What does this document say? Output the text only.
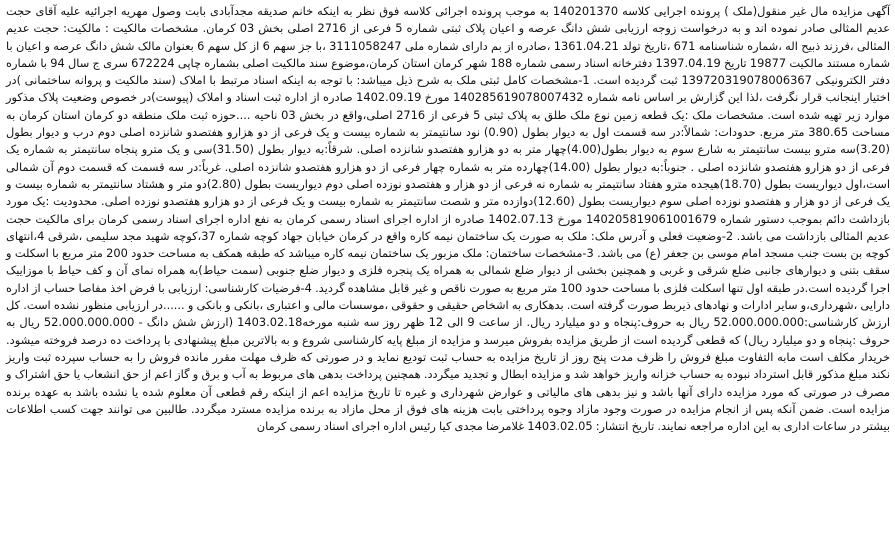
آگهی مزایده مال غیر منقول(ملک ) پرونده اجرایی کلاسه 140201370 به موجب پرونده اجرائی کلاسه فوق نظر به اینکه خانم صدیقه مجدآبادی بابت وصول مهریه اجرائیه علیه آقای حجت عدیم المثالی صادر نموده اند و به درخواست زوجه ارزیابی شش دانگ عرصه و اعیان پلاک ثبتی شماره 5 فرعی از 2716 اصلی بخش 03 کرمان. مشخصات مالکیت : مالکیت: حجت عدیم المثالی ،فرزند ذبیح اله ،شماره شناسنامه 671 ،تاریخ تولد 1361.04.21 ،صادره از بم دارای شماره ملی 3111058247 ،با جز سهم 6 از کل سهم 6 بعنوان مالک شش دانگ عرصه و اعیان با شماره مستند مالکیت 19877 تاریخ 1397.04.19 دفترخانه اسناد رسمی شماره 188 شهر کرمان استان کرمان،موضوع سند مالکیت اصلی بشماره چاپی 672224 سری ج سال 94 با شماره دفتر الکترونیکی 139720319078006367 ثبت گردیده است. 1-مشخصات کامل ثبتی ملک به شرح ذیل میباشد: با توجه به اینکه اسناد مرتبط با املاک (سند مالکیت و پروانه ساختمانی )در اختیار اینجانب قرار نگرفت ،لذا این گزارش بر اساس نامه شماره 140285619078007432 مورخ 1402.09.19 صادره از اداره ثبت اسناد و املاک (پیوست)در خصوص وضعیت پلاک مذکور موارد زیر تهیه شده است. مشخصات ملک :یک قطعه زمین نوع ملک طلق به پلاک ثبتی 5 فرعی از 2716 اصلی،واقع در بخش 03 ناحیه ....حوزه ثبت ملک منطقه دو کرمان استان کرمان به مساحت 380.65 متر مربع. حدودات: شمالاً:در سه قسمت اول به دیوار بطول (0.90) نود سانتیمتر به شماره بیست و یک فرعی از دو هزارو هفتصدو شانزده اصلی دوم درب و دیوار بطول (3.20)سه مترو بیست سانتیمتر به شارع سوم به دیوار بطول(4.00)چهار متر به دو هزارو هفتصدو شانزده اصلی. شرقاً:به دیوار بطول (31.50)سی و یک مترو پنجاه سانتیمتر به شماره یک فرعی از دو هزارو هفتصدو شانزده اصلی . جنوباً:به دیوار بطول (14.00)چهارده متر به شماره چهار فرعی از دو هزارو هفتصدو شانزده اصلی. غرباً:در سه قسمت که قسمت دوم آن شمالی است،اول دیواریست بطول (18.70)هیجده مترو هفتاد سانتیمتر به شماره نه فرعی از دو هزار و هفتصدو نوزده اصلی دوم دیواریست بطول (2.80)دو متر و هشتاد سانتیمتر به شماره بیست و یک فرعی از دو هزار و هفتصدو نوزده اصلی سوم دیواریست بطول (12.60)دوازده متر و شصت سانتیمتر به شماره بیست و یک فرعی از دو هزارو هفتصدو نوزده اصلی. محدودیت :یک مورد بازداشت دائم بموجب دستور شماره 140205819061001679 مورخ 1402.07.13 صادره از اداره اجرای اسناد رسمی کرمان به نفع اداره اجرای اسناد رسمی کرمان برای مالکیت حجت عدیم المثالی بازداشت می باشد. 2-وضعیت فعلی و آدرس ملک: ملک به صورت یک ساختمان نیمه کاره واقع در کرمان خیابان جهاد کوچه شماره 37،کوچه شهید مجد سلیمی ،شرقی 4،انتهای کوچه بن بست جنب مسجد امام موسی بن جعفر (ع) می باشد. 3-مشخصات ساختمان: ملک مزبور یک ساختمان نیمه کاره میباشد که طبقه همکف به مساحت حدود 200 متر مربع با اسکلت و سقف بتنی و دیوارهای جانبی ضلع شرقی و غربی و همچنین بخشی از دیوار ضلع شمالی به همراه یک پنجره فلزی و دیوار ضلع جنوبی (سمت حیاط)به همراه نمای آن و کف حیاط با موزاییک اجرا گردیده است.در طبقه اول تنها اسکلت فلزی با مساحت حدود 100 متر مربع به صورت ناقص و غیر قابل مشاهده گردید. 4-فرضیات کارشناسی: ارزیابی با فرض اخذ مفاصا حساب از اداره دارایی ،شهرداری،و سایر ادارات و نهادهای ذیربط صورت گرفته است. بدهکاری به اشخاص حقیقی و حقوقی ،موسسات مالی و اعتباری ،بانکی و بانکی و ......در ارزیابی منظور نشده است. کل ارزش کارشناسی:52.000.000.000 ریال به حروف:پنجاه و دو میلیارد ریال. از ساعت 9 الی 12 ظهر روز سه شنبه مورخه1403.02.18 (ارزش شش دانگ - 52.000.000.000 ریال به حروف :پنجاه و دو میلیارد ریال) که قطعی گردیده است از طریق مزایده بفروش میرسد و مزایده از مبلغ پایه کارشناسی شروع و به بالاترین مبلغ پیشنهادی با پرداخت ده درصد فروخته میشود. خریدار مکلف است مابه التفاوت مبلغ فروش را ظرف مدت پنج روز از تاریخ مزایده به حساب ثبت تودیع نماید و در صورتی که ظرف مهلت مقرر مانده فروش را به حساب سپرده ثبت واریز نکند مبلغ مذکور قابل استرداد نبوده به حساب خزانه واریز خواهد شد و مزایده ابطال و تجدید میگردد. همچنین پرداخت بدهی های مربوط به آب و برق و گاز اعم از حق انشعاب یا حق اشتراک و مصرف در صورتی که مورد مزایده دارای آنها باشد و نیز بدهی های مالیاتی و عوارض شهرداری و غیره تا تاریخ مزایده اعم از اینکه رقم قطعی آن معلوم شده یا نشده باشد به عهده برنده مزایده است. ضمن آنکه پس از انجام مزایده در صورت وجود مازاد وجوه پرداختی بابت هزینه های فوق از محل مازاد به برنده مزایده مسترد میگردد. طالبین می توانند جهت کسب اطلاعات بیشتر در ساعات اداری به این اداره مراجعه نمایند. تاریخ انتشار: 1403.02.05 غلامرضا مجدی کیا رئیس اداره اجرای اسناد رسمی کرمان
